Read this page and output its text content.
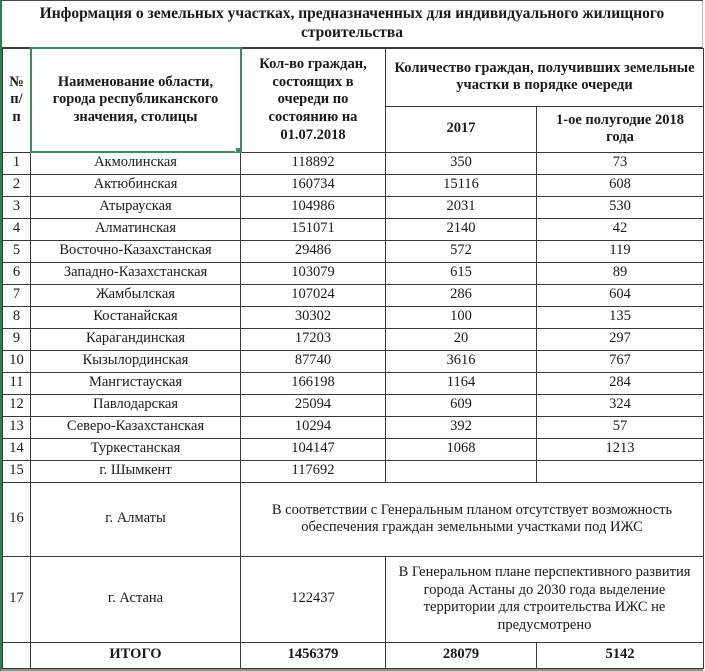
Информация о земельных участках, предназначенных для индивидуального жилищного строительства
№ п/п	Наименование области, города республиканского значения, столицы	Кол-во граждан, состоящих в очереди по состоянию на 01.07.2018	Количество граждан, получивших земельные участки в порядке очереди	
			2017	1-ое полугодие 2018 года
1	Акмолинская	118892	350	73
2	Актюбинская	160734	15116	608
3	Атырауская	104986	2031	530
4	Алматинская	151071	2140	42
5	Восточно-Казахстанская	29486	572	119
6	Западно-Казахстанская	103079	615	89
7	Жамбылская	107024	286	604
8	Костанайская	30302	100	135
9	Карагандинская	17203	20	297
10	Кызылординская	87740	3616	767
11	Мангистауская	166198	1164	284
12	Павлодарская	25094	609	324
13	Северо-Казахстанская	10294	392	57
14	Туркестанская	104147	1068	1213
15	г. Шымкент	117692		
16	г. Алматы	В соответствии с Генеральным планом отсутствует возможность обеспечения граждан земельными участками под ИЖС		
17	г. Астана	122437	В Генеральном плане перспективного развития города Астаны до 2030 года выделение территории для строительства ИЖС не предусмотрено	
	ИТОГО	1456379	28079	5142
